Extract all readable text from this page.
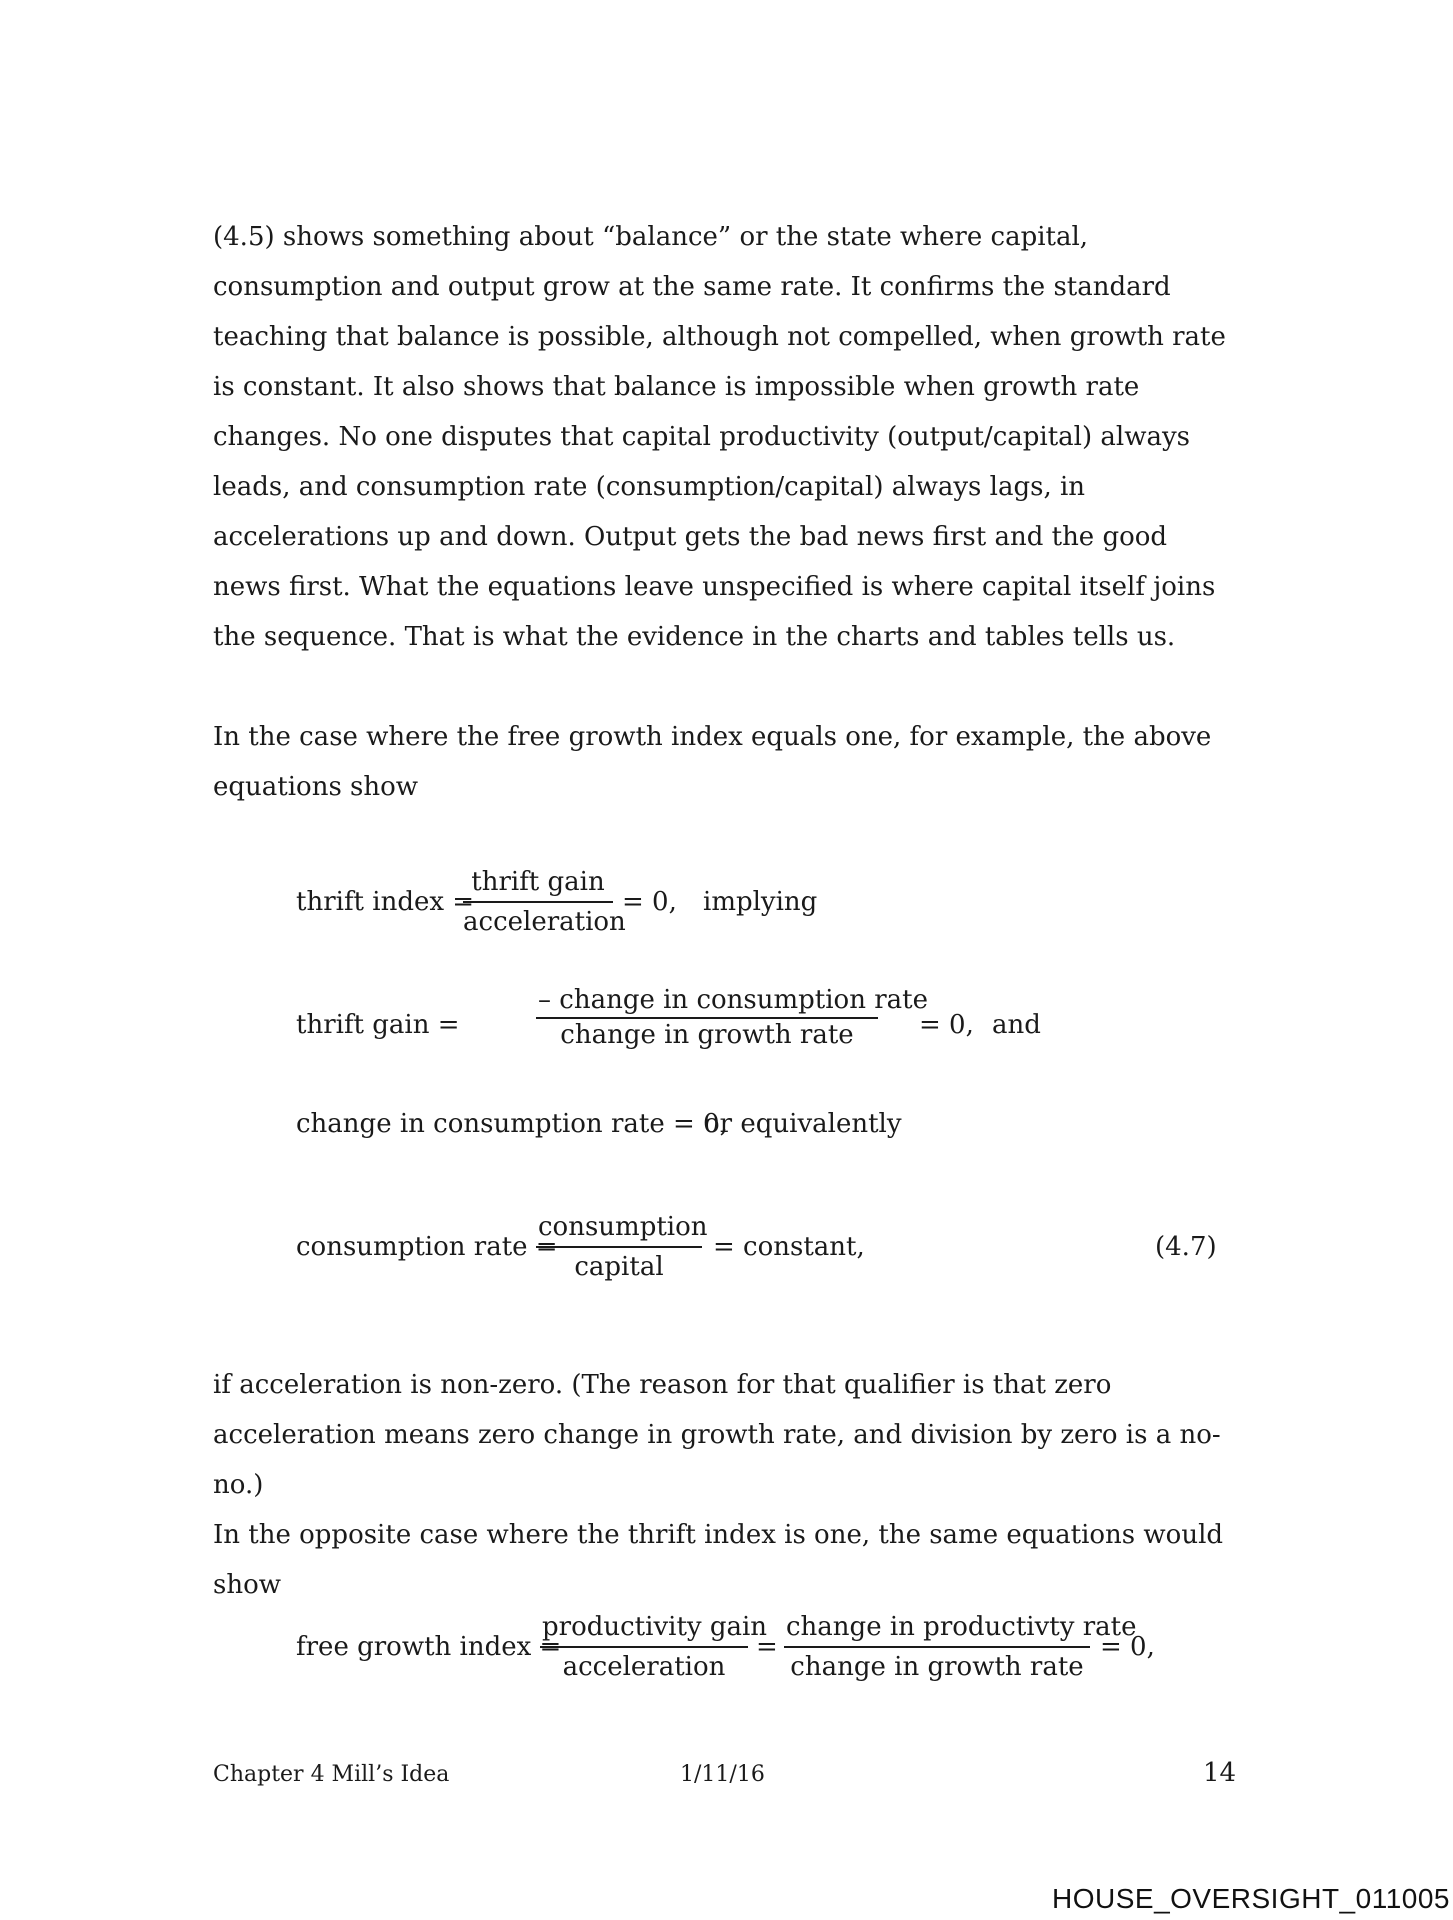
(4.5) shows something about “balance” or the state where capital, consumption and output grow at the same rate. It confirms the standard teaching that balance is possible, although not compelled, when growth rate is constant. It also shows that balance is impossible when growth rate changes. No one disputes that capital productivity (output/capital) always leads, and consumption rate (consumption/capital) always lags, in accelerations up and down. Output gets the bad news first and the good news first. What the equations leave unspecified is where capital itself joins the sequence. That is what the evidence in the charts and tables tells us.

In the case where the free growth index equals one, for example, the above equations show

thrift index =
thrift gain
acceleration
= 0, implying
thrift gain =
– change in consumption rate
change in growth rate	= 0, and
change in consumption rate = 0,
or equivalently
consumption rate =
consumption
capital
= constant,	(4.7)

if acceleration is non-zero. (The reason for that qualifier is that zero acceleration means zero change in growth rate, and division by zero is a no-no.)

In the opposite case where the thrift index is one, the same equations would show

free growth index =
productivity gain
acceleration
=
change in productivty rate
change in growth rate
= 0,
Chapter 4 Mill’s Idea	1/11/16	14
HOUSE_OVERSIGHT_011005
